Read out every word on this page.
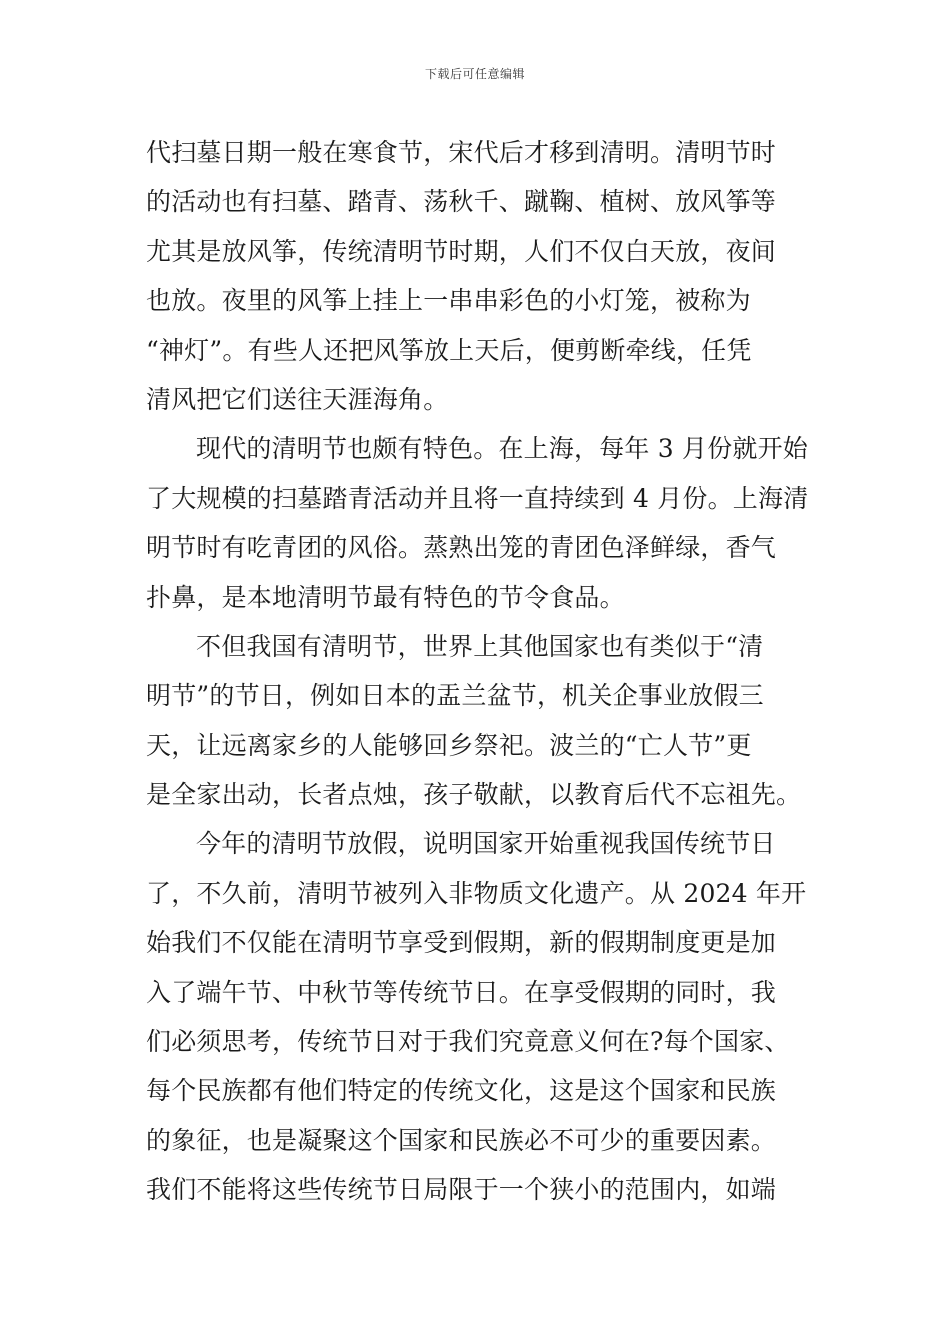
下载后可任意编辑
代扫墓日期一般在寒食节，宋代后才移到清明。清明节时
的活动也有扫墓、踏青、荡秋千、蹴鞠、植树、放风筝等
尤其是放风筝，传统清明节时期，人们不仅白天放，夜间
也放。夜里的风筝上挂上一串串彩色的小灯笼，被称为
“神灯”。有些人还把风筝放上天后，便剪断牵线，任凭
清风把它们送往天涯海角。
现代的清明节也颇有特色。在上海，每年 3 月份就开始
了大规模的扫墓踏青活动并且将一直持续到 4 月份。上海清
明节时有吃青团的风俗。蒸熟出笼的青团色泽鲜绿，香气
扑鼻，是本地清明节最有特色的节令食品。
不但我国有清明节，世界上其他国家也有类似于“清
明节”的节日，例如日本的盂兰盆节，机关企事业放假三
天，让远离家乡的人能够回乡祭祀。波兰的“亡人节”更
是全家出动，长者点烛，孩子敬献，以教育后代不忘祖先。
今年的清明节放假，说明国家开始重视我国传统节日
了，不久前，清明节被列入非物质文化遗产。从 2024 年开
始我们不仅能在清明节享受到假期，新的假期制度更是加
入了端午节、中秋节等传统节日。在享受假期的同时，我
们必须思考，传统节日对于我们究竟意义何在?每个国家、
每个民族都有他们特定的传统文化，这是这个国家和民族
的象征，也是凝聚这个国家和民族必不可少的重要因素。
我们不能将这些传统节日局限于一个狭小的范围内，如端
